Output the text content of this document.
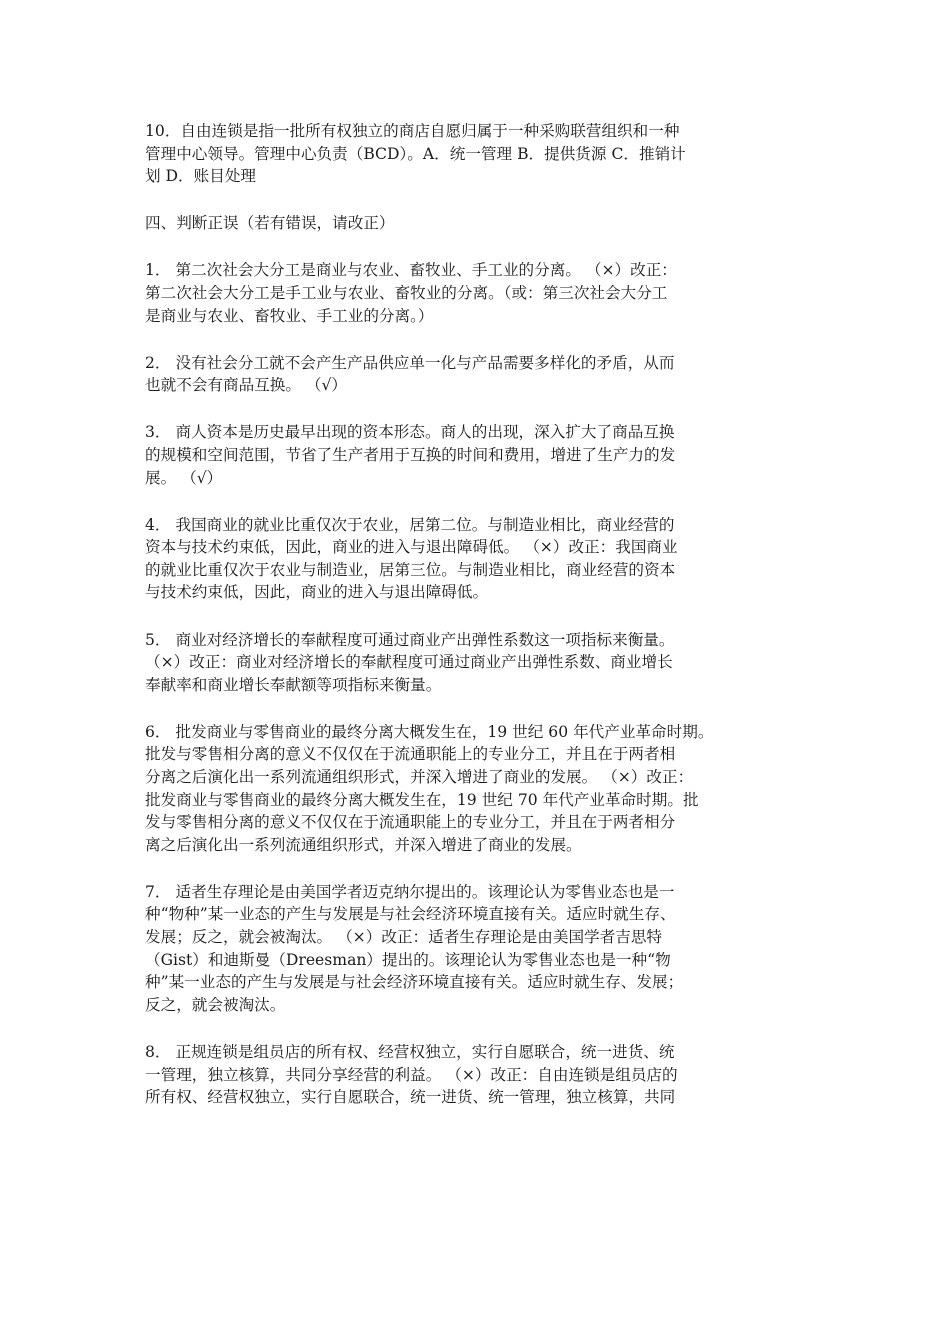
10．自由连锁是指一批所有权独立的商店自愿归属于一种采购联营组织和一种
管理中心领导。管理中心负责（BCD）。A．统一管理 B．提供货源 C．推销计
划 D．账目处理

四、判断正误（若有错误，请改正）

1． 第二次社会大分工是商业与农业、畜牧业、手工业的分离。 （×）改正：
第二次社会大分工是手工业与农业、畜牧业的分离。（或：第三次社会大分工
是商业与农业、畜牧业、手工业的分离。）

2． 没有社会分工就不会产生产品供应单一化与产品需要多样化的矛盾，从而
也就不会有商品互换。 （√）

3． 商人资本是历史最早出现的资本形态。商人的出现，深入扩大了商品互换
的规模和空间范围，节省了生产者用于互换的时间和费用，增进了生产力的发
展。 （√）

4． 我国商业的就业比重仅次于农业，居第二位。与制造业相比，商业经营的
资本与技术约束低，因此，商业的进入与退出障碍低。 （×）改正：我国商业
的就业比重仅次于农业与制造业，居第三位。与制造业相比，商业经营的资本
与技术约束低，因此，商业的进入与退出障碍低。

5． 商业对经济增长的奉献程度可通过商业产出弹性系数这一项指标来衡量。
（×）改正：商业对经济增长的奉献程度可通过商业产出弹性系数、商业增长
奉献率和商业增长奉献额等项指标来衡量。

6． 批发商业与零售商业的最终分离大概发生在，19 世纪 60 年代产业革命时期。
批发与零售相分离的意义不仅仅在于流通职能上的专业分工，并且在于两者相
分离之后演化出一系列流通组织形式，并深入增进了商业的发展。 （×）改正：
批发商业与零售商业的最终分离大概发生在，19 世纪 70 年代产业革命时期。批
发与零售相分离的意义不仅仅在于流通职能上的专业分工，并且在于两者相分
离之后演化出一系列流通组织形式，并深入增进了商业的发展。

7． 适者生存理论是由美国学者迈克纳尔提出的。该理论认为零售业态也是一
种“物种”某一业态的产生与发展是与社会经济环境直接有关。适应时就生存、
发展；反之，就会被淘汰。 （×）改正：适者生存理论是由美国学者吉思特
（Gist）和迪斯曼（Dreesman）提出的。该理论认为零售业态也是一种“物
种”某一业态的产生与发展是与社会经济环境直接有关。适应时就生存、发展；
反之，就会被淘汰。

8． 正规连锁是组员店的所有权、经营权独立，实行自愿联合，统一进货、统
一管理，独立核算，共同分享经营的利益。 （×）改正：自由连锁是组员店的
所有权、经营权独立，实行自愿联合，统一进货、统一管理，独立核算，共同
